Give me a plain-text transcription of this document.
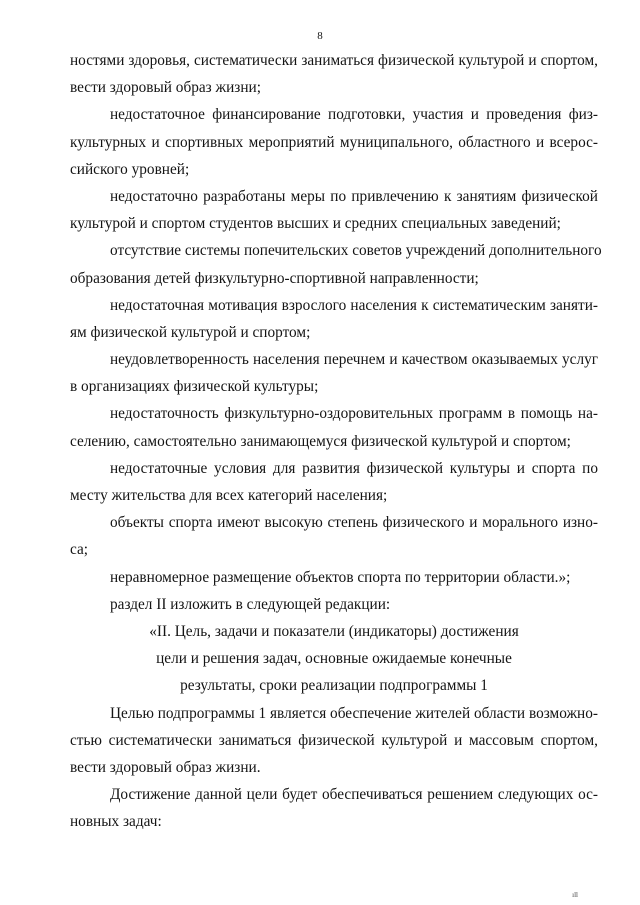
8
ностями здоровья, систематически заниматься физической культурой и спортом,
вести здоровый образ жизни;
недостаточное финансирование подготовки, участия и проведения физ-
культурных и спортивных мероприятий муниципального, областного и всерос-
сийского уровней;
недостаточно разработаны меры по привлечению к занятиям физической
культурой и спортом студентов высших и средних специальных заведений;
отсутствие системы попечительских советов учреждений дополнительного
образования детей физкультурно-спортивной направленности;
недостаточная мотивация взрослого населения к систематическим заняти-
ям физической культурой и спортом;
неудовлетворенность населения перечнем и качеством оказываемых услуг
в организациях физической культуры;
недостаточность физкультурно-оздоровительных программ в помощь на-
селению, самостоятельно занимающемуся физической культурой и спортом;
недостаточные условия для развития физической культуры и спорта по
месту жительства для всех категорий населения;
объекты спорта имеют высокую степень физического и морального изно-
са;
неравномерное размещение объектов спорта по территории области.»;
раздел II изложить в следующей редакции:
«II. Цель, задачи и показатели (индикаторы) достижения
цели и решения задач, основные ожидаемые конечные
результаты, сроки реализации подпрограммы 1
Целью подпрограммы 1 является обеспечение жителей области возможно-
стью систематически заниматься физической культурой и массовым спортом,
вести здоровый образ жизни.
Достижение данной цели будет обеспечиваться решением следующих ос-
новных задач:
ıll
